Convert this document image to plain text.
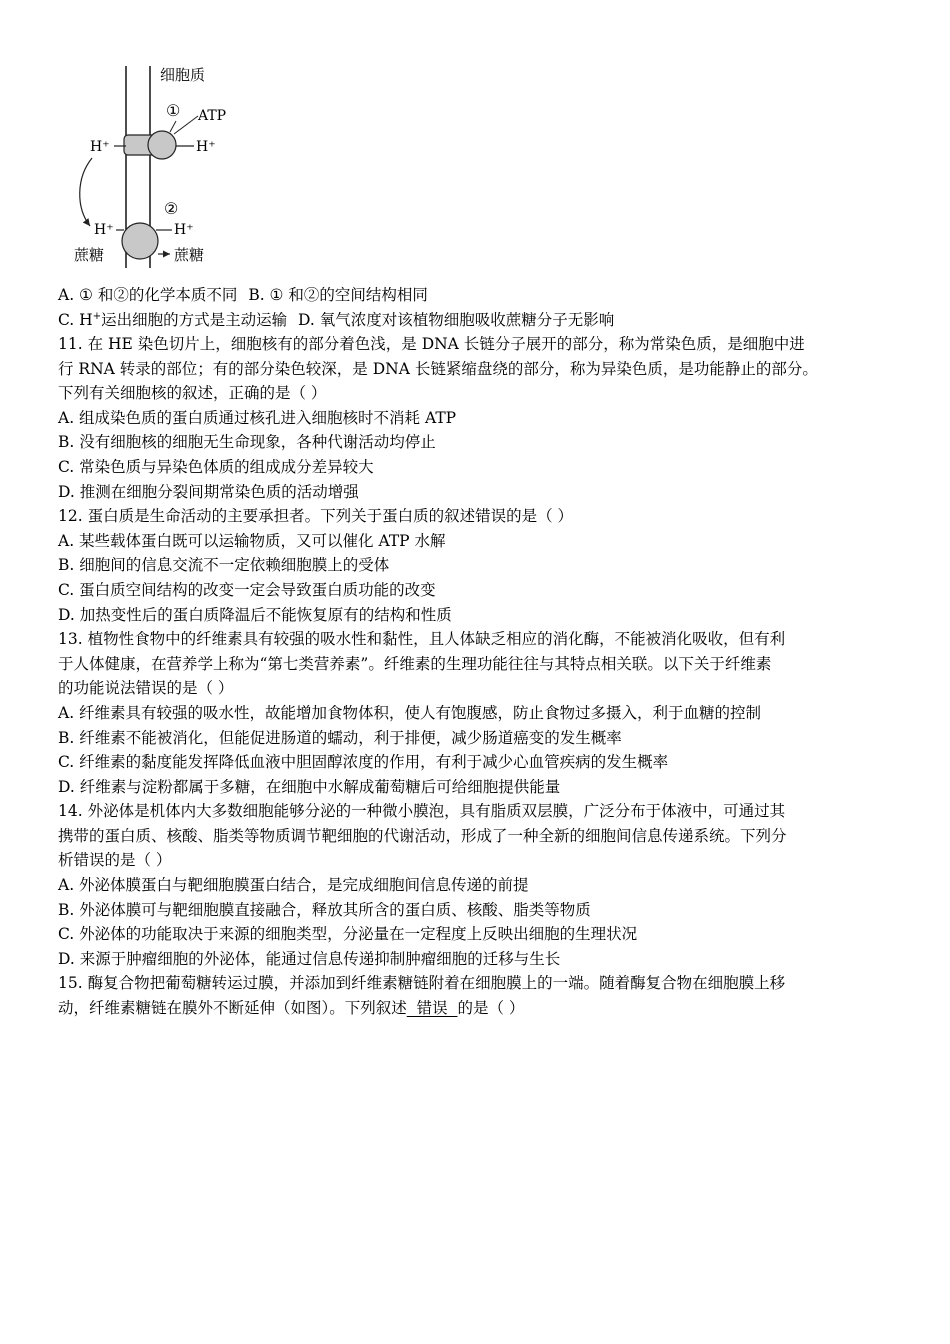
细胞质
① ATP
H⁺	H⁺
②
H⁺	H⁺
蔗糖	蔗糖
A. ① 和②的化学本质不同 B. ① 和②的空间结构相同
C. H+运出细胞的方式是主动运输 D. 氧气浓度对该植物细胞吸收蔗糖分子无影响
11. 在 HE 染色切片上，细胞核有的部分着色浅，是 DNA 长链分子展开的部分，称为常染色质，是细胞中进
行 RNA 转录的部位；有的部分染色较深，是 DNA 长链紧缩盘绕的部分，称为异染色质，是功能静止的部分。
下列有关细胞核的叙述，正确的是（ ）
A. 组成染色质的蛋白质通过核孔进入细胞核时不消耗 ATP
B. 没有细胞核的细胞无生命现象，各种代谢活动均停止
C. 常染色质与异染色体质的组成成分差异较大
D. 推测在细胞分裂间期常染色质的活动增强
12. 蛋白质是生命活动的主要承担者。下列关于蛋白质的叙述错误的是（ ）
A. 某些载体蛋白既可以运输物质，又可以催化 ATP 水解
B. 细胞间的信息交流不一定依赖细胞膜上的受体
C. 蛋白质空间结构的改变一定会导致蛋白质功能的改变
D. 加热变性后的蛋白质降温后不能恢复原有的结构和性质
13. 植物性食物中的纤维素具有较强的吸水性和黏性，且人体缺乏相应的消化酶，不能被消化吸收，但有利
于人体健康，在营养学上称为“第七类营养素”。纤维素的生理功能往往与其特点相关联。以下关于纤维素
的功能说法错误的是（ ）
A. 纤维素具有较强的吸水性，故能增加食物体积，使人有饱腹感，防止食物过多摄入，利于血糖的控制
B. 纤维素不能被消化，但能促进肠道的蠕动，利于排便，减少肠道癌变的发生概率
C. 纤维素的黏度能发挥降低血液中胆固醇浓度的作用，有利于减少心血管疾病的发生概率
D. 纤维素与淀粉都属于多糖，在细胞中水解成葡萄糖后可给细胞提供能量
14. 外泌体是机体内大多数细胞能够分泌的一种微小膜泡，具有脂质双层膜，广泛分布于体液中，可通过其
携带的蛋白质、核酸、脂类等物质调节靶细胞的代谢活动，形成了一种全新的细胞间信息传递系统。下列分
析错误的是（ ）
A. 外泌体膜蛋白与靶细胞膜蛋白结合，是完成细胞间信息传递的前提
B. 外泌体膜可与靶细胞膜直接融合，释放其所含的蛋白质、核酸、脂类等物质
C. 外泌体的功能取决于来源的细胞类型，分泌量在一定程度上反映出细胞的生理状况
D. 来源于肿瘤细胞的外泌体，能通过信息传递抑制肿瘤细胞的迁移与生长
15. 酶复合物把葡萄糖转运过膜，并添加到纤维素糖链附着在细胞膜上的一端。随着酶复合物在细胞膜上移
动，纤维素糖链在膜外不断延伸（如图）。下列叙述  错误  的是（ ）
